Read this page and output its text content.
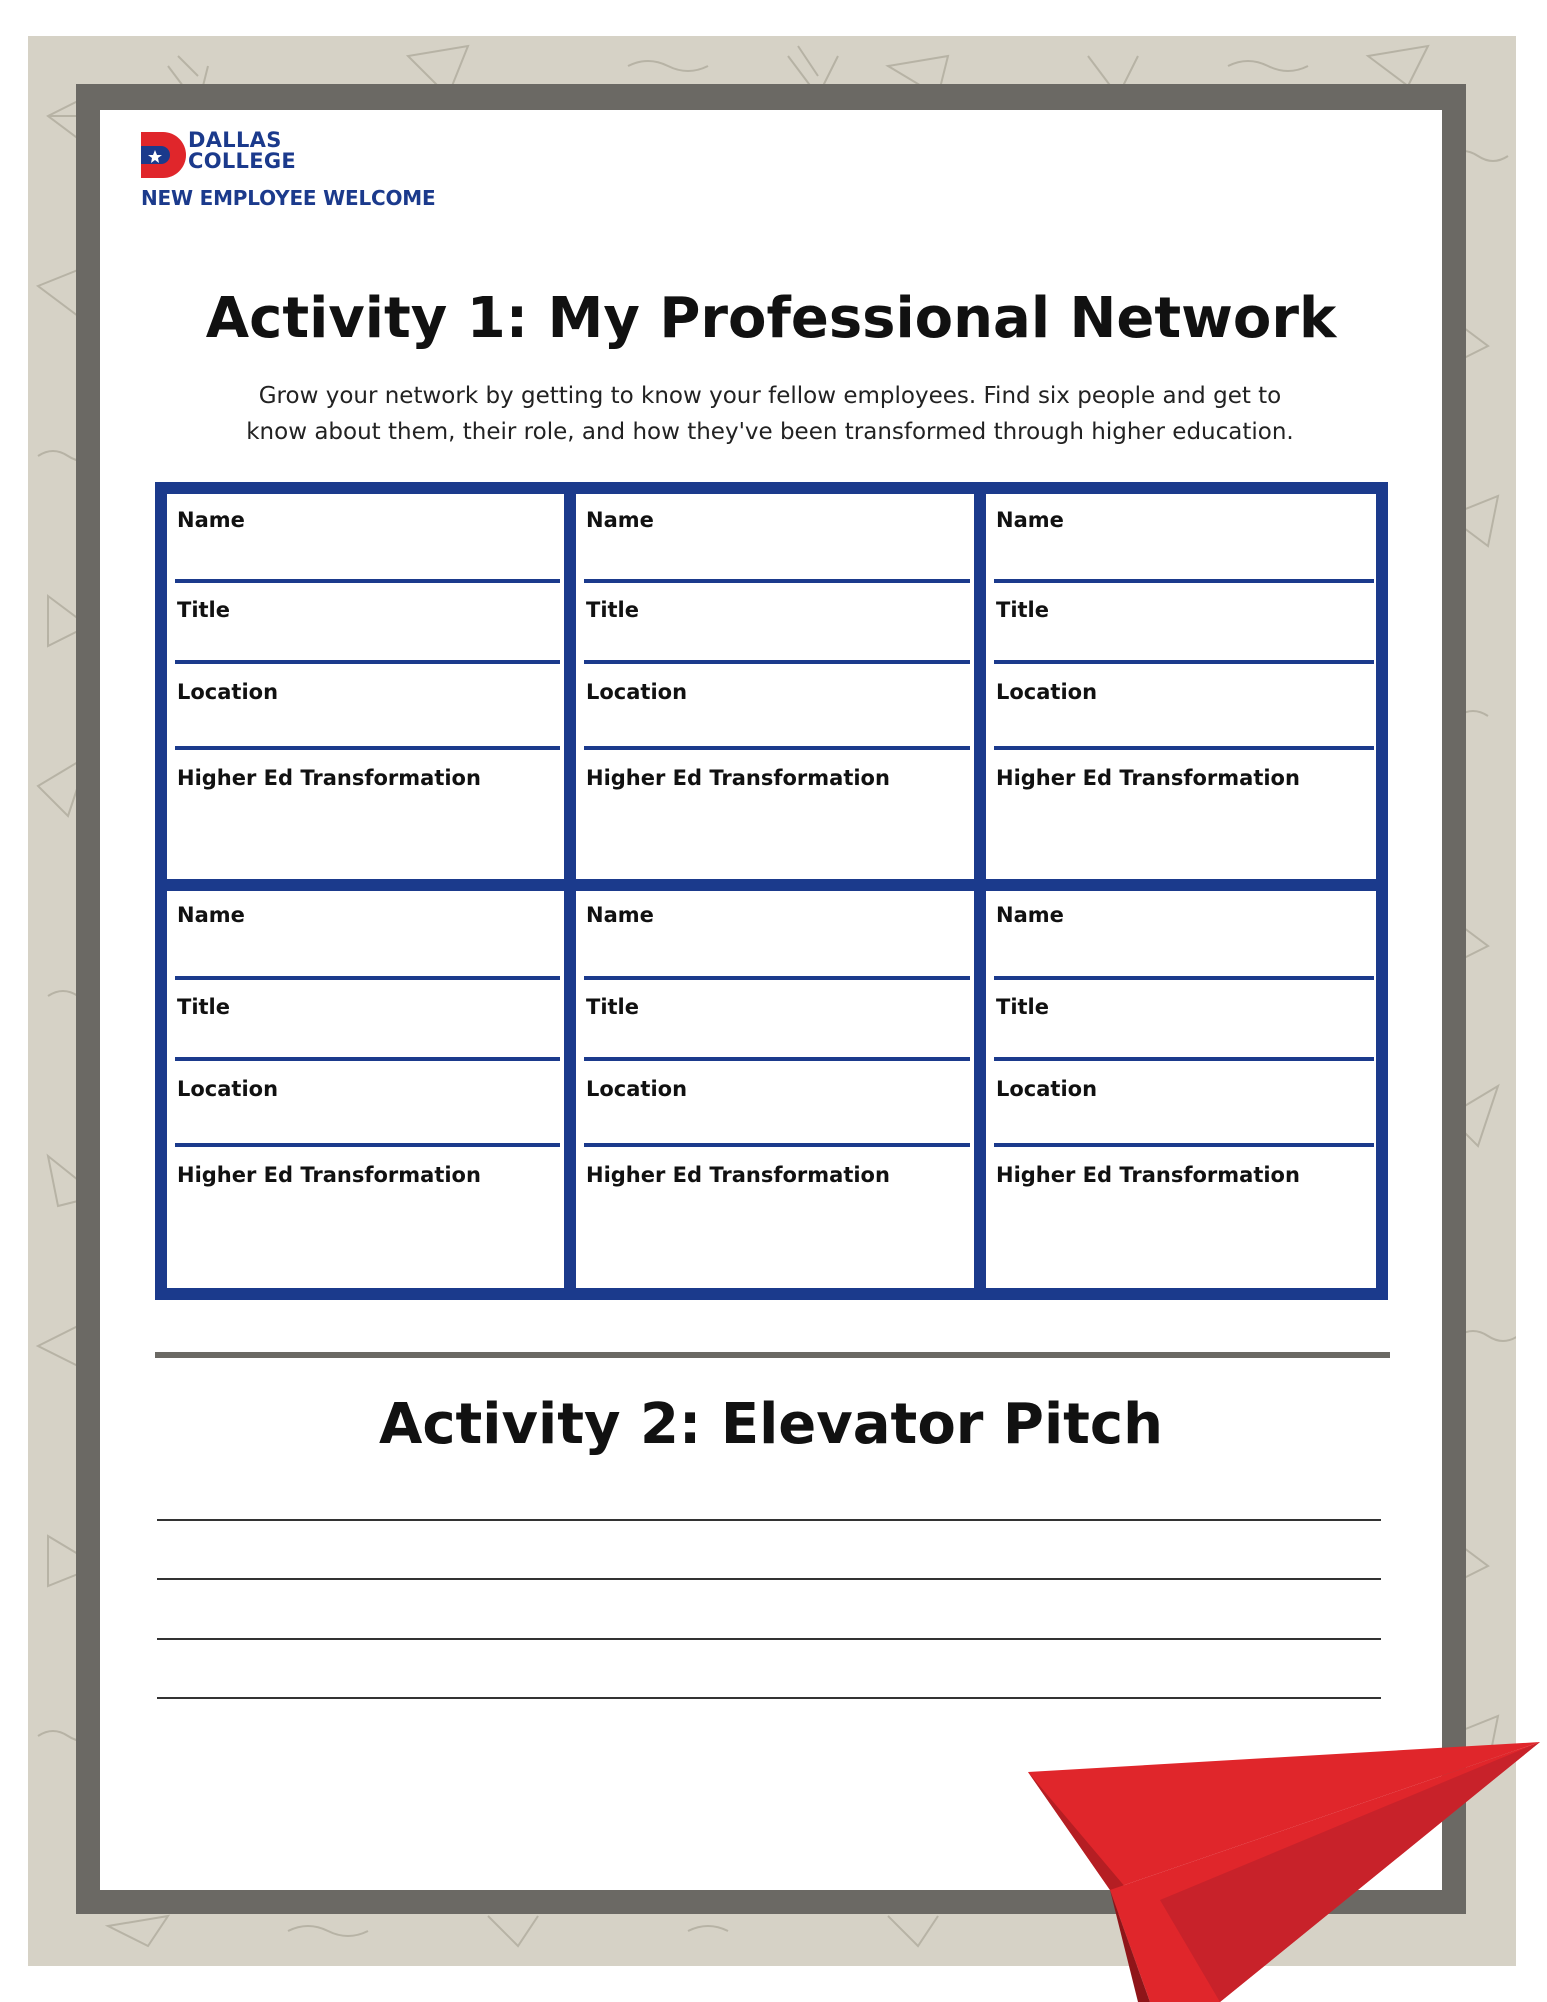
DALLAS
COLLEGE
NEW EMPLOYEE WELCOME
Activity 1: My Professional Network
Grow your network by getting to know your fellow employees. Find six people and get to
know about them, their role, and how they've been transformed through higher education.
Name
Title
Location
Higher Ed Transformation
Name
Title
Location
Higher Ed Transformation
Name
Title
Location
Higher Ed Transformation
Name
Title
Location
Higher Ed Transformation
Name
Title
Location
Higher Ed Transformation
Name
Title
Location
Higher Ed Transformation
Activity 2: Elevator Pitch
